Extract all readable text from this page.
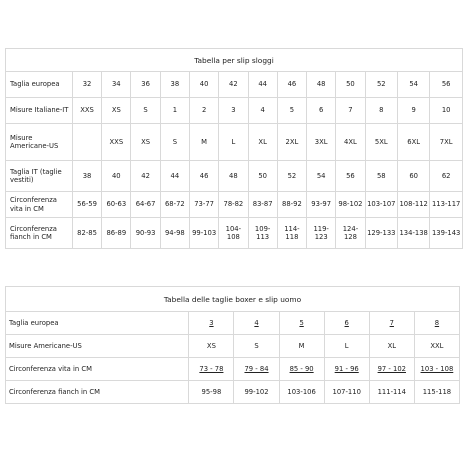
Tabella per slip sloggi													
Taglia europea	32	34	36	38	40	42	44	46	48	50	52	54	56
Misure Italiane-IT	XXS	XS	S	1	2	3	4	5	6	7	8	9	10
Misure Americane-US		XXS	XS	S	M	L	XL	2XL	3XL	4XL	5XL	6XL	7XL
Taglia IT (taglie vestiti)	38	40	42	44	46	48	50	52	54	56	58	60	62
Circonferenza vita in CM	56-59	60-63	64-67	68-72	73-77	78-82	83-87	88-92	93-97	98-102	103-107	108-112	113-117
Circonferenza fianch in CM	82-85	86-89	90-93	94-98	99-103	104-108	109-113	114-118	119-123	124-128	129-133	134-138	139-143
Tabella delle taglie boxer e slip uomo						
Taglia europea	3	4	5	6	7	8
Misure Americane-US	XS	S	M	L	XL	XXL
Circonferenza vita in CM	73 - 78	79 - 84	85 - 90	91 - 96	97 - 102	103 - 108
Circonferenza fianch in CM	95-98	99-102	103-106	107-110	111-114	115-118
